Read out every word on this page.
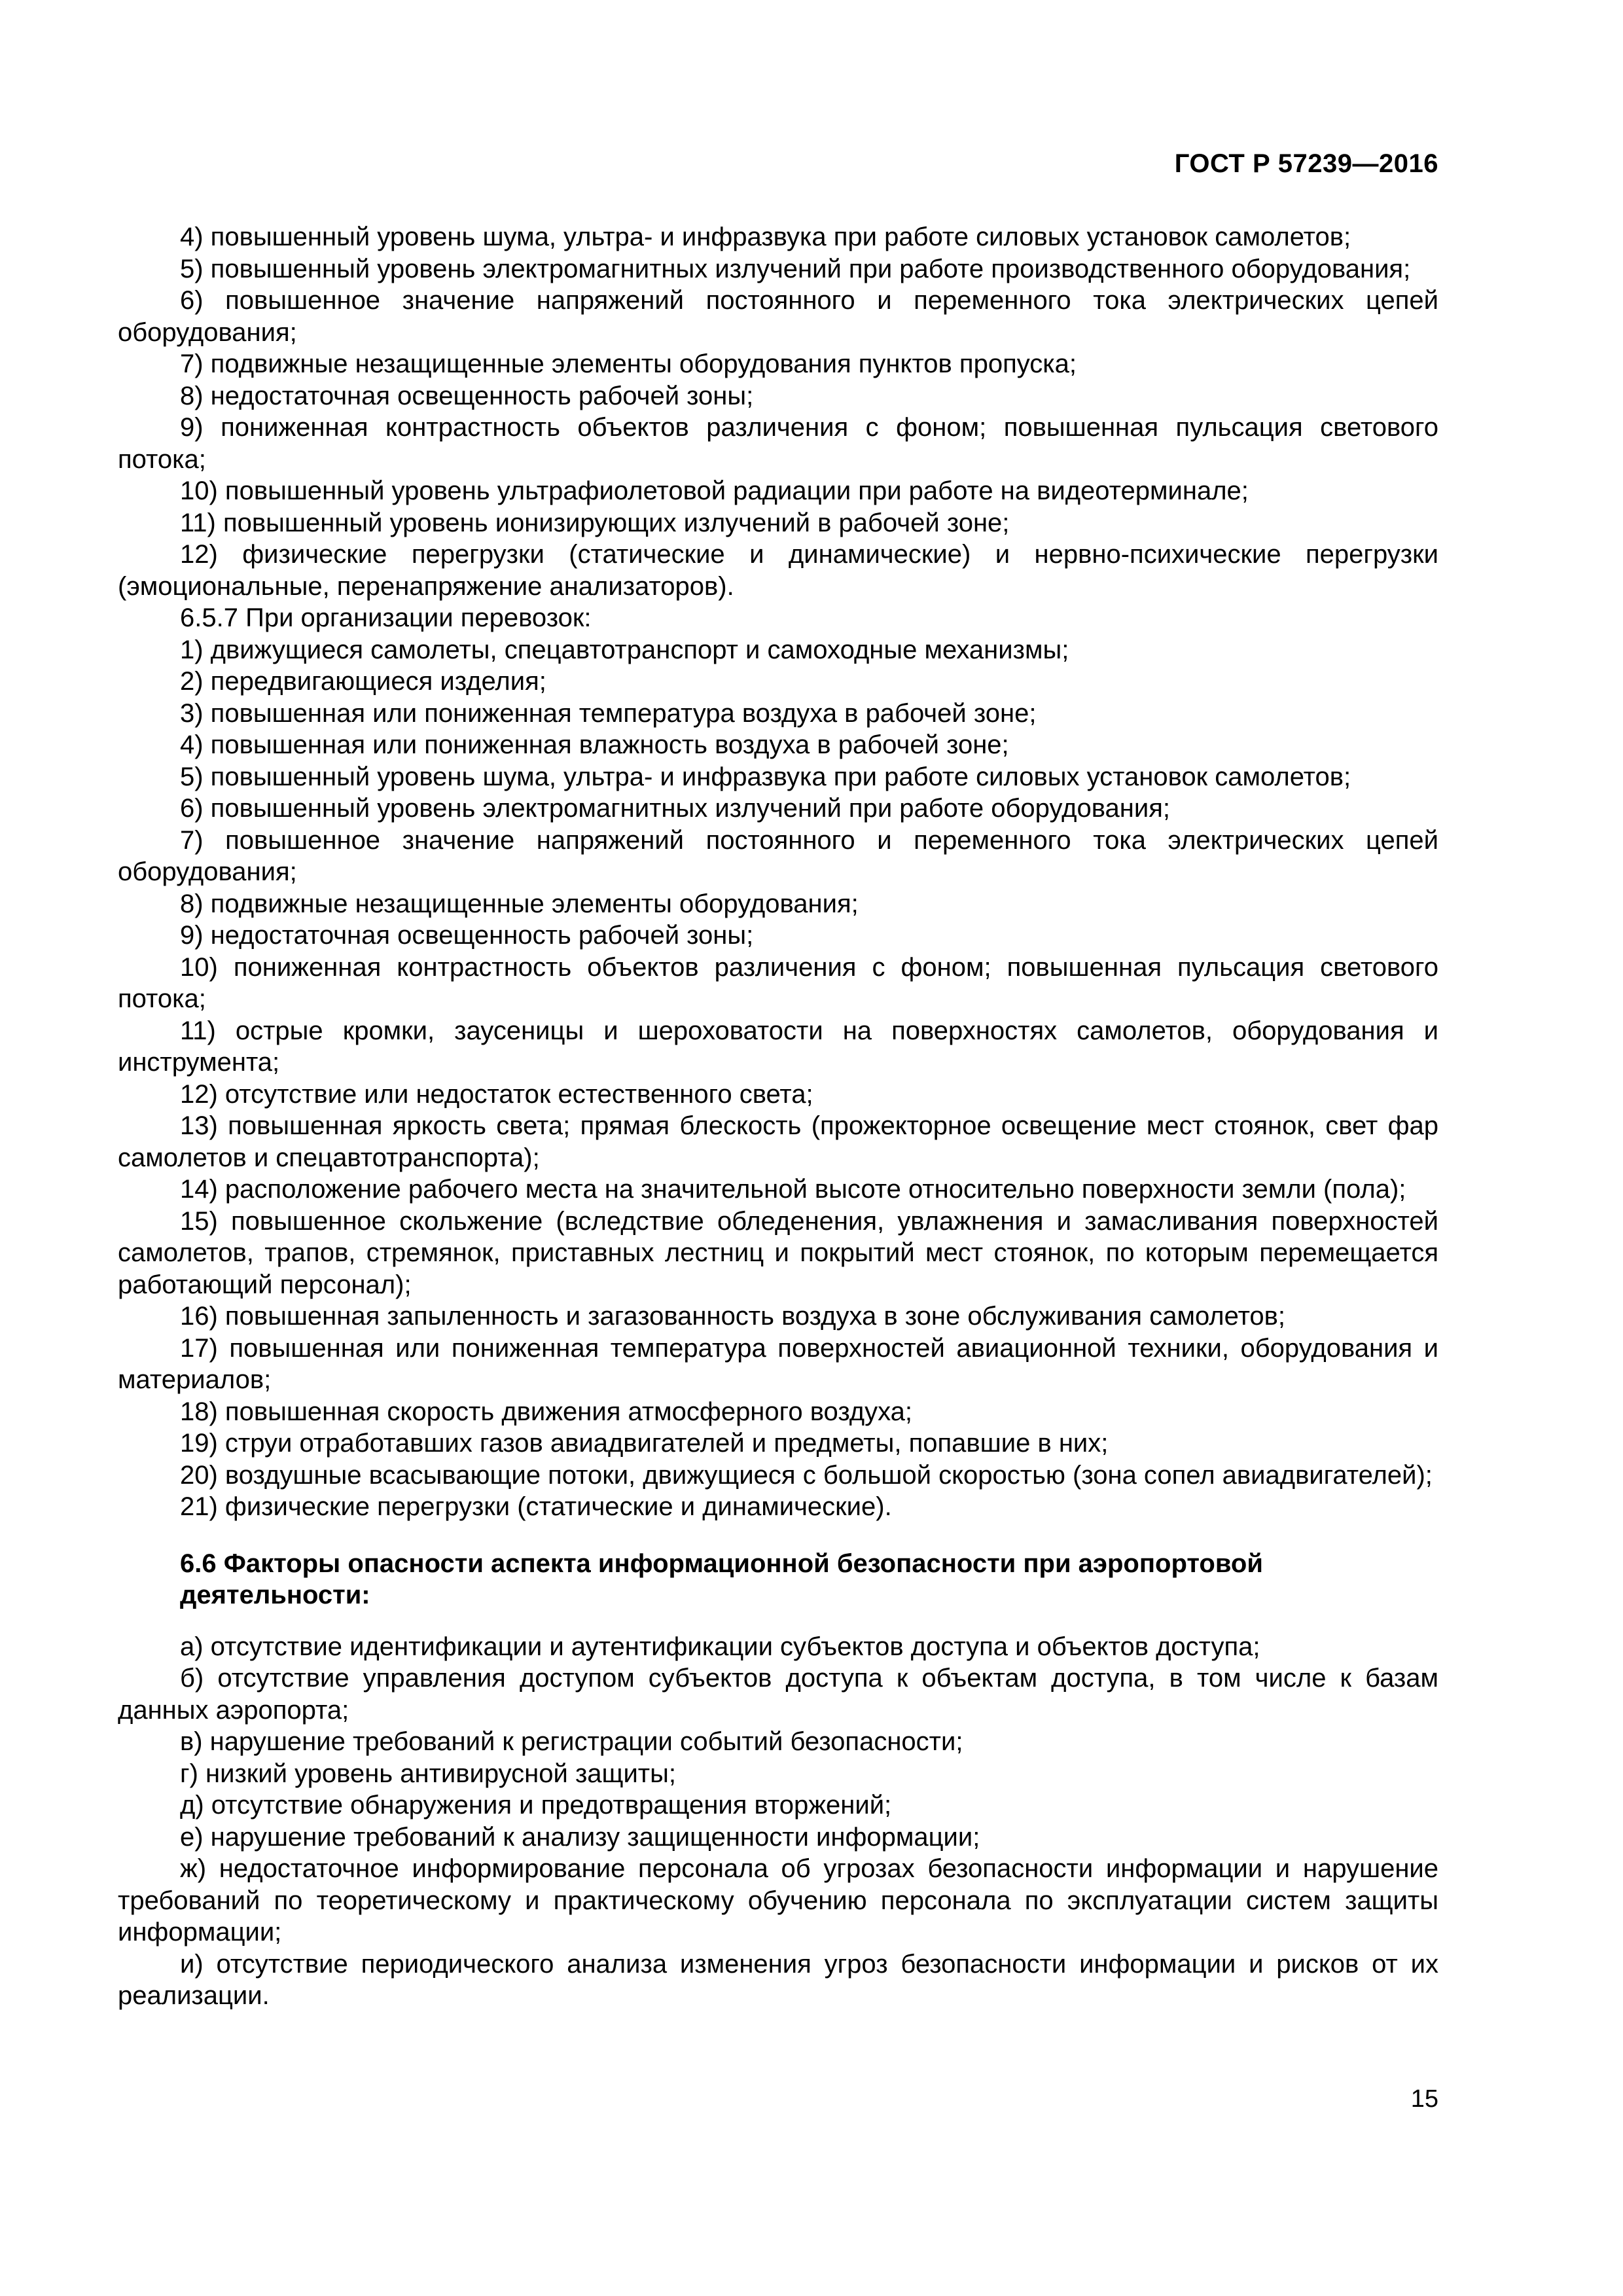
ГОСТ Р 57239—2016

4) повышенный уровень шума, ультра- и инфразвука при работе силовых установок самолетов;

5) повышенный уровень электромагнитных излучений при работе производственного оборудования;

6) повышенное значение напряжений постоянного и переменного тока электрических цепей оборудования;

7) подвижные незащищенные элементы оборудования пунктов пропуска;

8) недостаточная освещенность рабочей зоны;

9) пониженная контрастность объектов различения с фоном; повышенная пульсация светового потока;

10) повышенный уровень ультрафиолетовой радиации при работе на видеотерминале;

11) повышенный уровень ионизирующих излучений в рабочей зоне;

12) физические перегрузки (статические и динамические) и нервно-психические перегрузки (эмоциональные, перенапряжение анализаторов).

6.5.7 При организации перевозок:

1) движущиеся самолеты, спецавтотранспорт и самоходные механизмы;

2) передвигающиеся изделия;

3) повышенная или пониженная температура воздуха в рабочей зоне;

4) повышенная или пониженная влажность воздуха в рабочей зоне;

5) повышенный уровень шума, ультра- и инфразвука при работе силовых установок самолетов;

6) повышенный уровень электромагнитных излучений при работе оборудования;

7) повышенное значение напряжений постоянного и переменного тока электрических цепей оборудования;

8) подвижные незащищенные элементы оборудования;

9) недостаточная освещенность рабочей зоны;

10) пониженная контрастность объектов различения с фоном; повышенная пульсация светового потока;

11) острые кромки, заусеницы и шероховатости на поверхностях самолетов, оборудования и инструмента;

12) отсутствие или недостаток естественного света;

13) повышенная яркость света; прямая блескость (прожекторное освещение мест стоянок, свет фар самолетов и спецавтотранспорта);

14) расположение рабочего места на значительной высоте относительно поверхности земли (пола);

15) повышенное скольжение (вследствие обледенения, увлажнения и замасливания поверхностей самолетов, трапов, стремянок, приставных лестниц и покрытий мест стоянок, по которым перемещается работающий персонал);

16) повышенная запыленность и загазованность воздуха в зоне обслуживания самолетов;

17) повышенная или пониженная температура поверхностей авиационной техники, оборудования и материалов;

18) повышенная скорость движения атмосферного воздуха;

19) струи отработавших газов авиадвигателей и предметы, попавшие в них;

20) воздушные всасывающие потоки, движущиеся с большой скоростью (зона сопел авиадвигателей);

21) физические перегрузки (статические и динамические).

6.6 Факторы опасности аспекта информационной безопасности при аэропортовой деятельности:

а) отсутствие идентификации и аутентификации субъектов доступа и объектов доступа;

б) отсутствие управления доступом субъектов доступа к объектам доступа, в том числе к базам данных аэропорта;

в) нарушение требований к регистрации событий безопасности;

г) низкий уровень антивирусной защиты;

д) отсутствие обнаружения и предотвращения вторжений;

е) нарушение требований к анализу защищенности информации;

ж) недостаточное информирование персонала об угрозах безопасности информации и нарушение требований по теоретическому и практическому обучению персонала по эксплуатации систем защиты информации;

и) отсутствие периодического анализа изменения угроз безопасности информации и рисков от их реализации.

15
